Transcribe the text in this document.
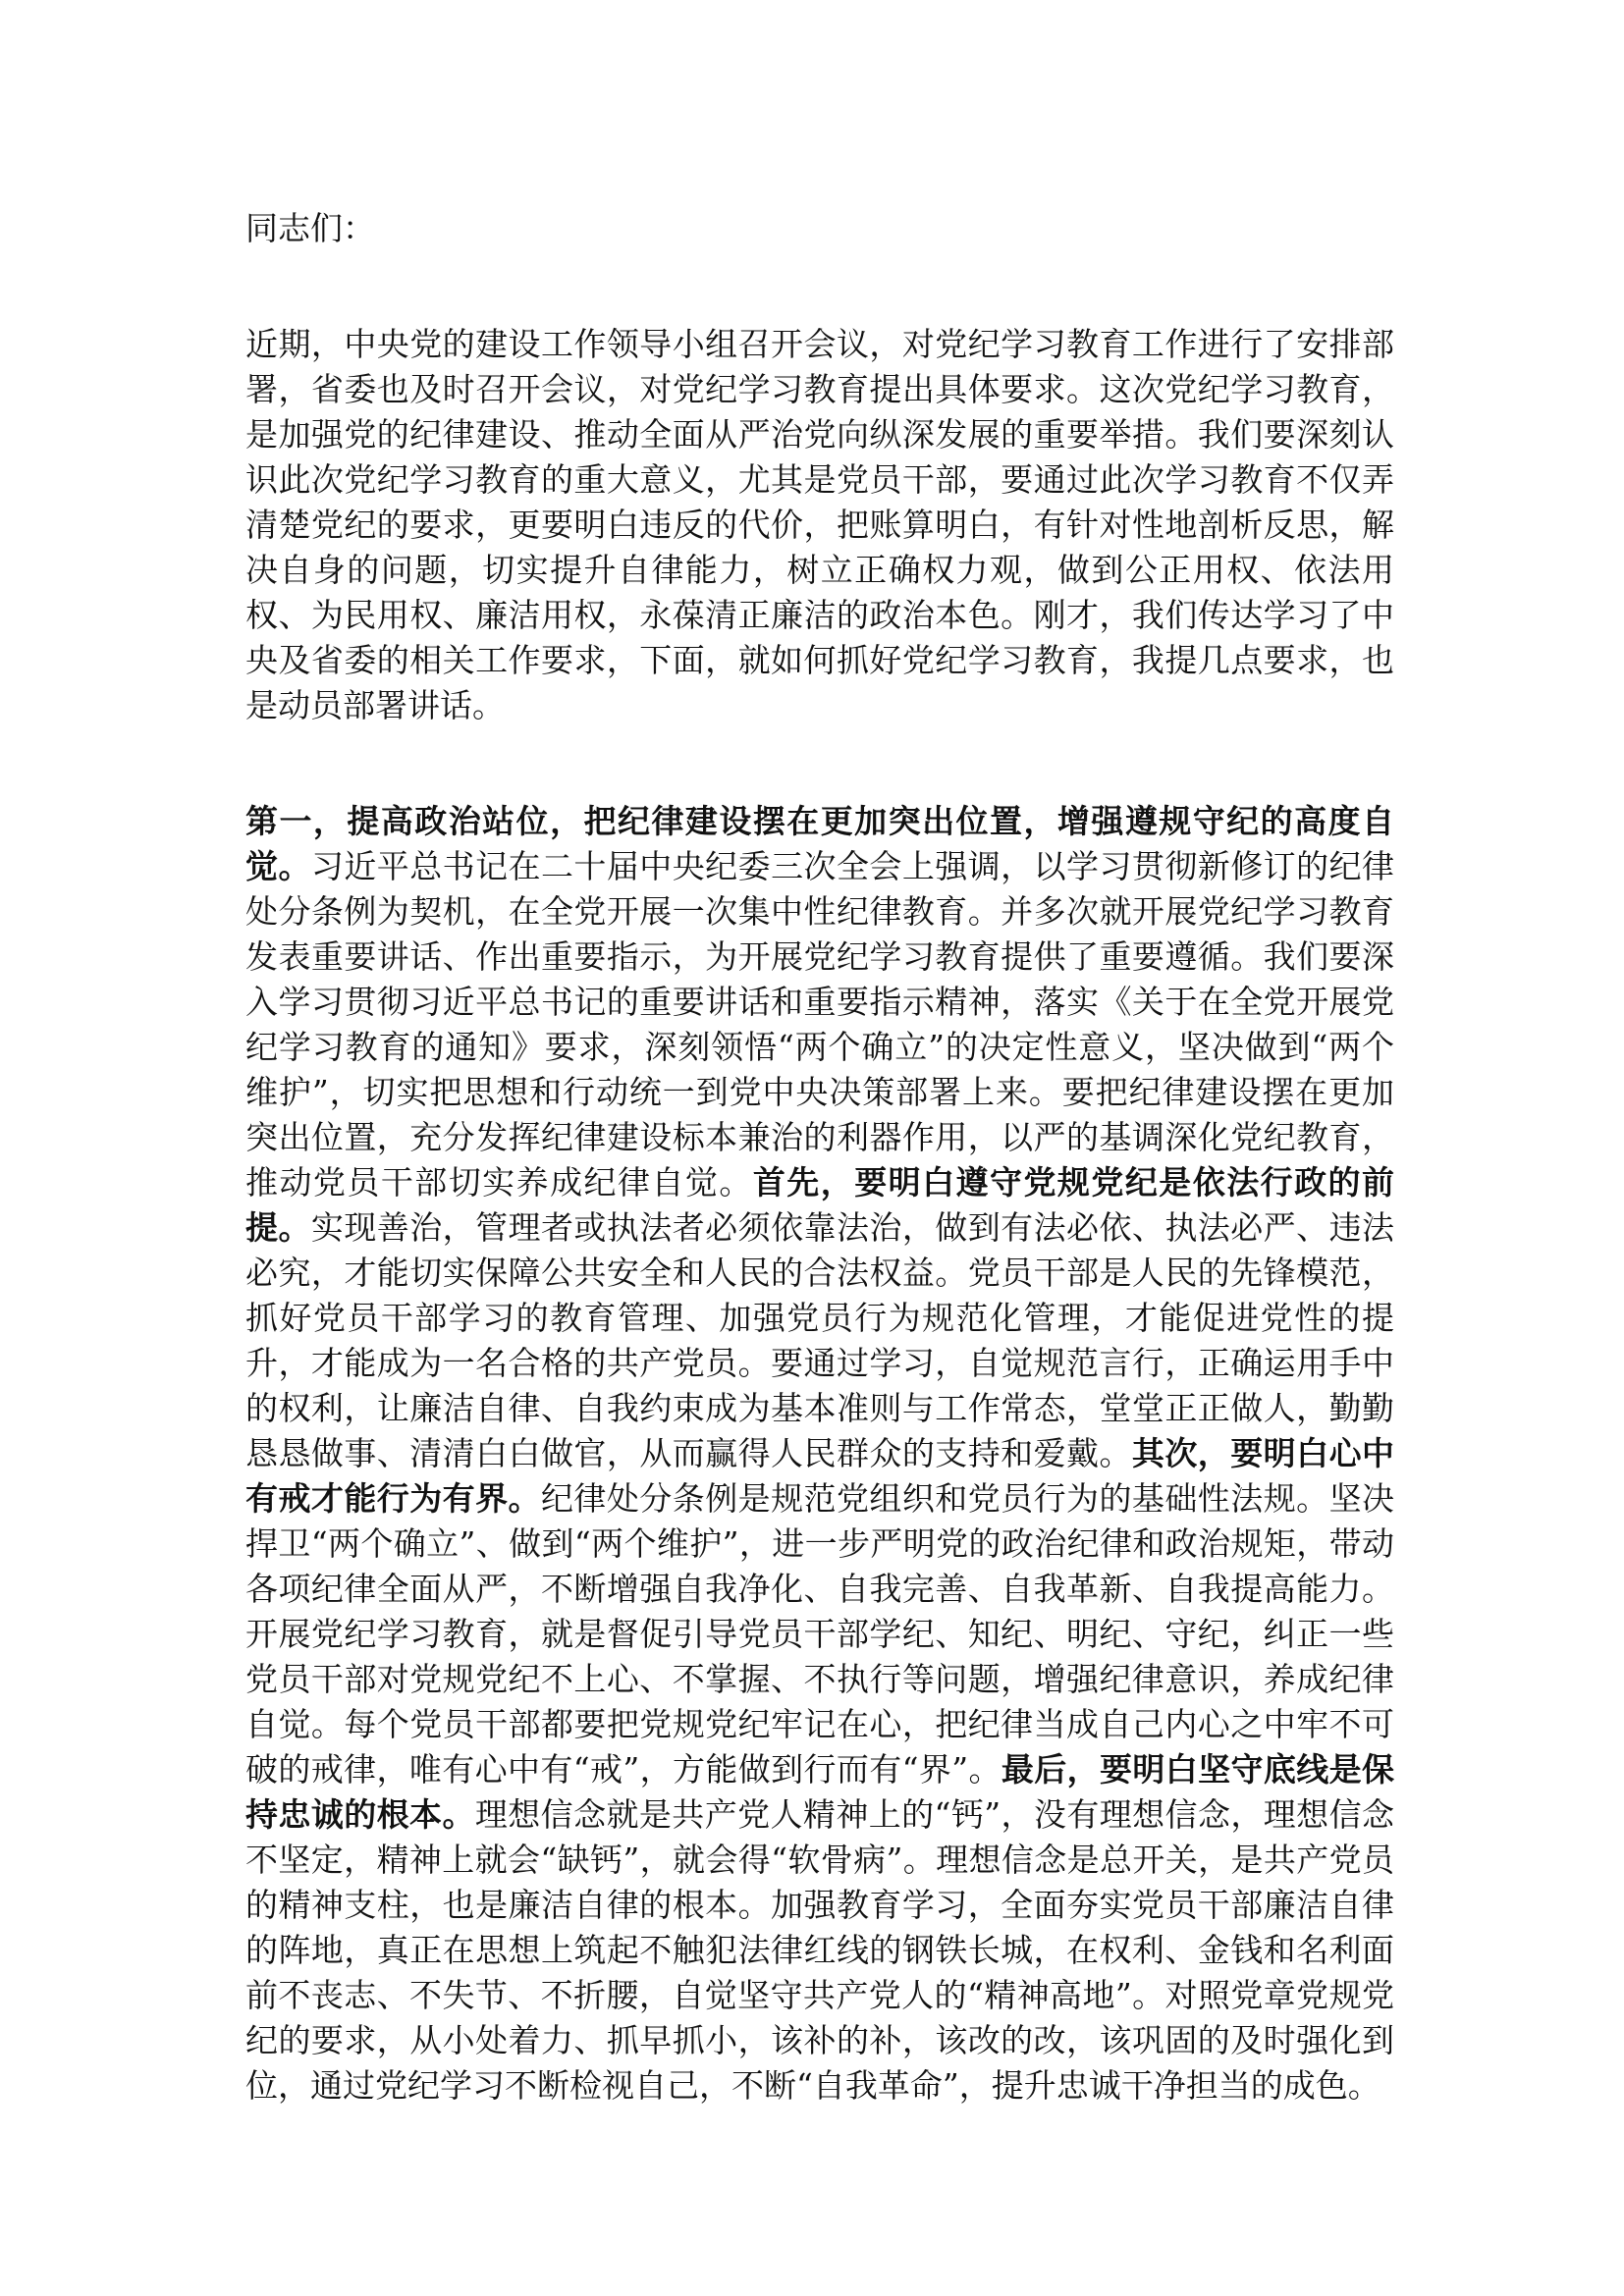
同志们：

近期，中央党的建设工作领导小组召开会议，对党纪学习教育工作进行了安排部署，省委也及时召开会议，对党纪学习教育提出具体要求。这次党纪学习教育，是加强党的纪律建设、推动全面从严治党向纵深发展的重要举措。我们要深刻认识此次党纪学习教育的重大意义，尤其是党员干部，要通过此次学习教育不仅弄清楚党纪的要求，更要明白违反的代价，把账算明白，有针对性地剖析反思，解决自身的问题，切实提升自律能力，树立正确权力观，做到公正用权、依法用权、为民用权、廉洁用权，永葆清正廉洁的政治本色。刚才，我们传达学习了中央及省委的相关工作要求，下面，就如何抓好党纪学习教育，我提几点要求，也是动员部署讲话。

第一，提高政治站位，把纪律建设摆在更加突出位置，增强遵规守纪的高度自觉。习近平总书记在二十届中央纪委三次全会上强调，以学习贯彻新修订的纪律处分条例为契机，在全党开展一次集中性纪律教育。并多次就开展党纪学习教育发表重要讲话、作出重要指示，为开展党纪学习教育提供了重要遵循。我们要深入学习贯彻习近平总书记的重要讲话和重要指示精神，落实《关于在全党开展党纪学习教育的通知》要求，深刻领悟“两个确立”的决定性意义，坚决做到“两个维护”，切实把思想和行动统一到党中央决策部署上来。要把纪律建设摆在更加突出位置，充分发挥纪律建设标本兼治的利器作用，以严的基调深化党纪教育，推动党员干部切实养成纪律自觉。首先，要明白遵守党规党纪是依法行政的前提。实现善治，管理者或执法者必须依靠法治，做到有法必依、执法必严、违法必究，才能切实保障公共安全和人民的合法权益。党员干部是人民的先锋模范，抓好党员干部学习的教育管理、加强党员行为规范化管理，才能促进党性的提升，才能成为一名合格的共产党员。要通过学习，自觉规范言行，正确运用手中的权利，让廉洁自律、自我约束成为基本准则与工作常态，堂堂正正做人，勤勤恳恳做事、清清白白做官，从而赢得人民群众的支持和爱戴。其次，要明白心中有戒才能行为有界。纪律处分条例是规范党组织和党员行为的基础性法规。坚决捍卫“两个确立”、做到“两个维护”，进一步严明党的政治纪律和政治规矩，带动各项纪律全面从严，不断增强自我净化、自我完善、自我革新、自我提高能力。开展党纪学习教育，就是督促引导党员干部学纪、知纪、明纪、守纪，纠正一些党员干部对党规党纪不上心、不掌握、不执行等问题，增强纪律意识，养成纪律自觉。每个党员干部都要把党规党纪牢记在心，把纪律当成自己内心之中牢不可破的戒律，唯有心中有“戒”，方能做到行而有“界”。最后，要明白坚守底线是保持忠诚的根本。理想信念就是共产党人精神上的“钙”，没有理想信念，理想信念不坚定，精神上就会“缺钙”，就会得“软骨病”。理想信念是总开关，是共产党员的精神支柱，也是廉洁自律的根本。加强教育学习，全面夯实党员干部廉洁自律的阵地，真正在思想上筑起不触犯法律红线的钢铁长城，在权利、金钱和名利面前不丧志、不失节、不折腰，自觉坚守共产党人的“精神高地”。对照党章党规党纪的要求，从小处着力、抓早抓小，该补的补，该改的改，该巩固的及时强化到位，通过党纪学习不断检视自己，不断“自我革命”，提升忠诚干净担当的成色。
